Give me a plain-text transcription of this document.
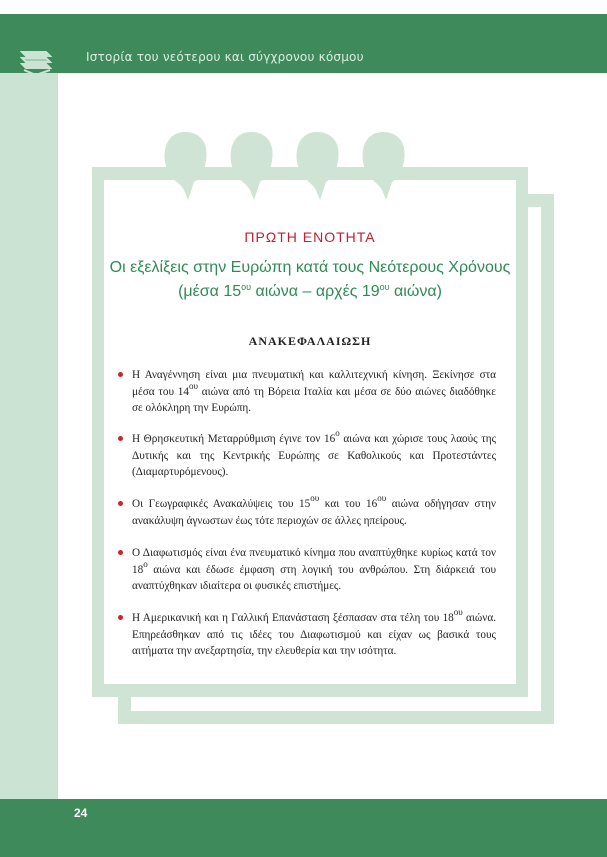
Ιστορία του νεότερου και σύγχρονου κόσμου
ΠΡΩΤΗ ΕΝΟΤΗΤΑ
Οι εξελίξεις στην Ευρώπη κατά τους Νεότερους Χρόνους
(μέσα $15^{o\upsilon}$ αιώνα – αρχές $19^{o\upsilon}$ αιώνα)
ΑΝΑΚΕΦΑΛΑΙΩΣΗ
Η Αναγέννηση είναι μια πνευματική και καλλιτεχνική κίνηση. Ξεκίνησε στα μέσα του $14^{o\upsilon}$ αιώνα από τη Βόρεια Ιταλία και μέσα σε δύο αιώνες διαδόθηκε σε ολόκληρη την Ευρώπη.
Η Θρησκευτική Μεταρρύθμιση έγινε τον $16^o$ αιώνα και χώρισε τους λαούς της Δυτικής και της Κεντρικής Ευρώπης σε Καθολικούς και Προτεστάντες (Διαμαρτυρόμενους).
Οι Γεωγραφικές Ανακαλύψεις του $15^{o\upsilon}$ και του $16^{o\upsilon}$ αιώνα οδήγησαν στην ανακάλυψη άγνωστων έως τότε περιοχών σε άλλες ηπείρους.
Ο Διαφωτισμός είναι ένα πνευματικό κίνημα που αναπτύχθηκε κυρίως κατά τον $18^o$ αιώνα και έδωσε έμφαση στη λογική του ανθρώπου. Στη διάρκειά του αναπτύχθηκαν ιδιαίτερα οι φυσικές επιστήμες.
Η Αμερικανική και η Γαλλική Επανάσταση ξέσπασαν στα τέλη του $18^{o\upsilon}$ αιώνα. Επηρεάσθηκαν από τις ιδέες του Διαφωτισμού και είχαν ως βασικά τους αιτήματα την ανεξαρτησία, την ελευθερία και την ισότητα.
24
